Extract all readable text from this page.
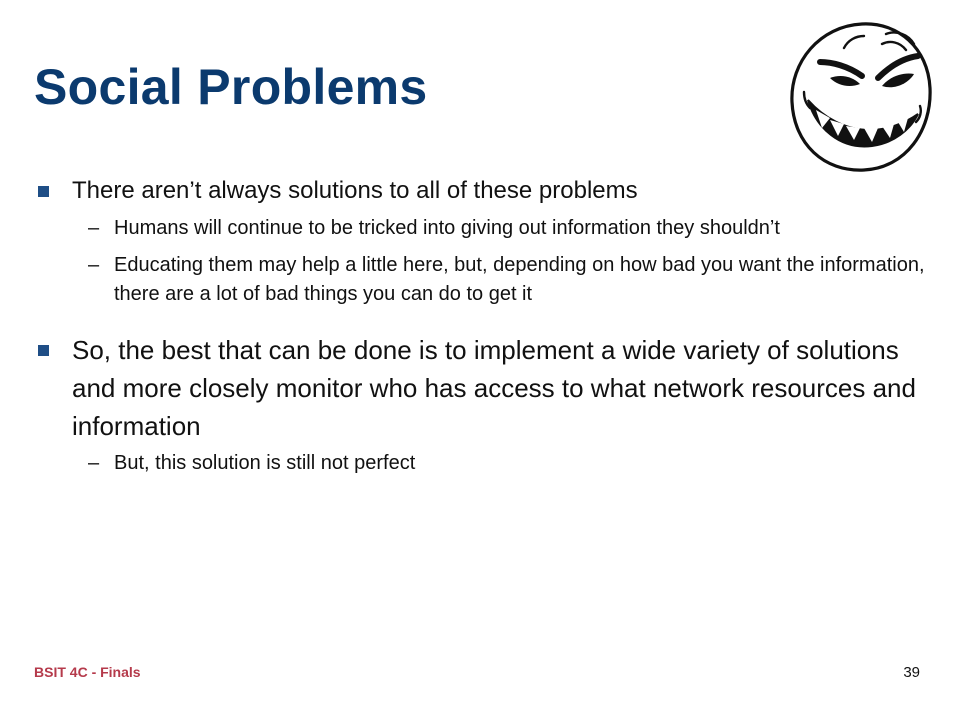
Social Problems
There aren’t always solutions to all of these problems
– Humans will continue to be tricked into giving out information they shouldn’t
– Educating them may help a little here, but, depending on how bad you want the information, there are a lot of bad things you can do to get it
So, the best that can be done is to implement a wide variety of solutions and more closely monitor who has access to what network resources and information
– But, this solution is still not perfect
BSIT 4C - Finals	39
